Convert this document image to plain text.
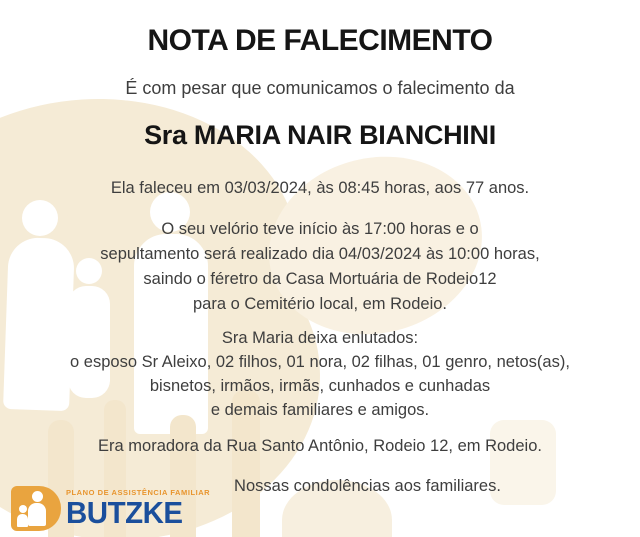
NOTA DE FALECIMENTO
É com pesar que comunicamos o falecimento da
Sra MARIA NAIR BIANCHINI
Ela faleceu em 03/03/2024, às 08:45 horas, aos 77 anos.
O seu velório teve início às 17:00 horas e o
sepultamento será realizado dia 04/03/2024 às 10:00 horas,
saindo o féretro da Casa Mortuária de Rodeio12
para o Cemitério local, em Rodeio.
Sra Maria deixa enlutados:
o esposo Sr Aleixo, 02 filhos, 01 nora, 02 filhas, 01 genro, netos(as),
bisnetos, irmãos, irmãs, cunhados e cunhadas
e demais familiares e amigos.
Era moradora da Rua Santo Antônio, Rodeio 12, em Rodeio.
Nossas condolências aos familiares.
PLANO DE ASSISTÊNCIA FAMILIAR
BUTZKE
